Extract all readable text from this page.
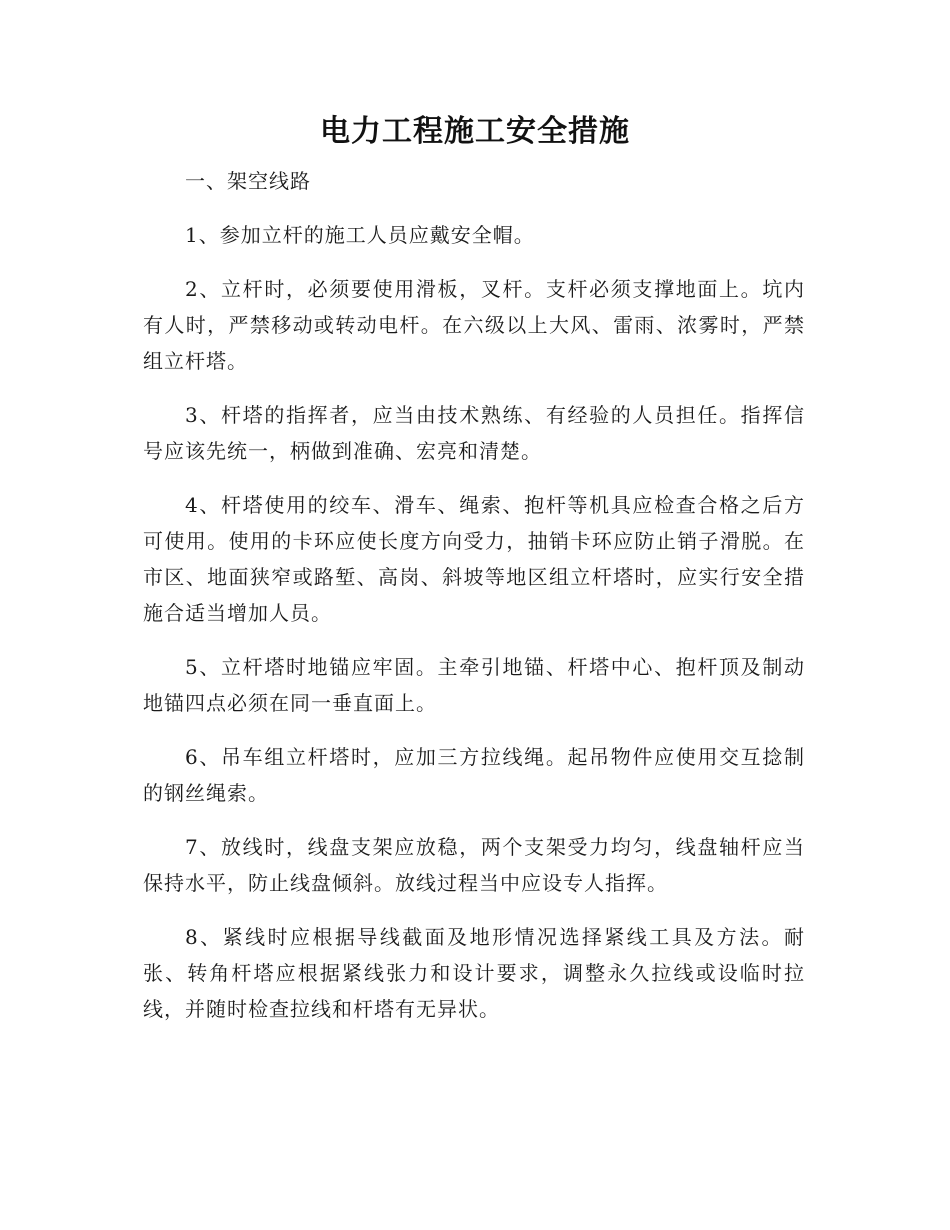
电力工程施工安全措施

一、架空线路

1、参加立杆的施工人员应戴安全帽。

2、立杆时，必须要使用滑板，叉杆。支杆必须支撑地面上。坑内有人时，严禁移动或转动电杆。在六级以上大风、雷雨、浓雾时，严禁组立杆塔。

3、杆塔的指挥者，应当由技术熟练、有经验的人员担任。指挥信号应该先统一，柄做到准确、宏亮和清楚。

4、杆塔使用的绞车、滑车、绳索、抱杆等机具应检查合格之后方可使用。使用的卡环应使长度方向受力，抽销卡环应防止销子滑脱。在市区、地面狭窄或路堑、高岗、斜坡等地区组立杆塔时，应实行安全措施合适当增加人员。

5、立杆塔时地锚应牢固。主牵引地锚、杆塔中心、抱杆顶及制动地锚四点必须在同一垂直面上。

6、吊车组立杆塔时，应加三方拉线绳。起吊物件应使用交互捻制的钢丝绳索。

7、放线时，线盘支架应放稳，两个支架受力均匀，线盘轴杆应当保持水平，防止线盘倾斜。放线过程当中应设专人指挥。

8、紧线时应根据导线截面及地形情况选择紧线工具及方法。耐张、转角杆塔应根据紧线张力和设计要求，调整永久拉线或设临时拉线，并随时检查拉线和杆塔有无异状。
